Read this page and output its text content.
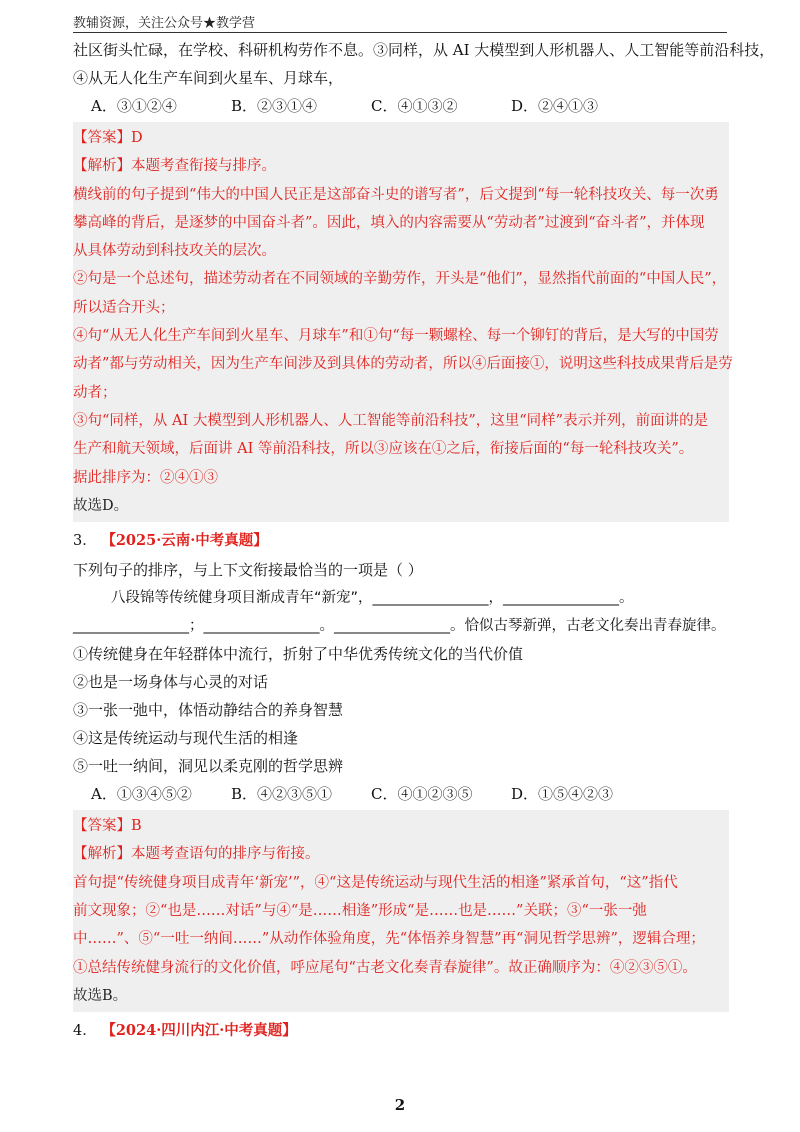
教辅资源，关注公众号★教学营
社区街头忙碌，在学校、科研机构劳作不息。③同样，从 AI 大模型到人形机器人、人工智能等前沿科技，
④从无人化生产车间到火星车、月球车，
A．③①②④	B．②③①④	C．④①③②	D．②④①③
【答案】D
【解析】本题考查衔接与排序。
横线前的句子提到“伟大的中国人民正是这部奋斗史的谱写者”，后文提到“每一轮科技攻关、每一次勇
攀高峰的背后，是逐梦的中国奋斗者”。因此，填入的内容需要从“劳动者”过渡到“奋斗者”，并体现
从具体劳动到科技攻关的层次。
②句是一个总述句，描述劳动者在不同领域的辛勤劳作，开头是“他们”，显然指代前面的“中国人民”，
所以适合开头；
④句“从无人化生产车间到火星车、月球车”和①句“每一颗螺栓、每一个铆钉的背后，是大写的中国劳
动者”都与劳动相关，因为生产车间涉及到具体的劳动者，所以④后面接①，说明这些科技成果背后是劳
动者；
③句“同样，从 AI 大模型到人形机器人、人工智能等前沿科技”，这里“同样”表示并列，前面讲的是
生产和航天领域，后面讲 AI 等前沿科技，所以③应该在①之后，衔接后面的“每一轮科技攻关”。
据此排序为：②④①③
故选D。
3． 【2025·云南·中考真题】
下列句子的排序，与上下文衔接最恰当的一项是（ ）
八段锦等传统健身项目渐成青年“新宠”，________________，________________。
________________；________________。________________。恰似古琴新弹，古老文化奏出青春旋律。
①传统健身在年轻群体中流行，折射了中华优秀传统文化的当代价值
②也是一场身体与心灵的对话
③一张一弛中，体悟动静结合的养身智慧
④这是传统运动与现代生活的相逢
⑤一吐一纳间，洞见以柔克刚的哲学思辨
A．①③④⑤②	B．④②③⑤①	C．④①②③⑤	D．①⑤④②③
【答案】B
【解析】本题考查语句的排序与衔接。
首句提“传统健身项目成青年‘新宠’”，④“这是传统运动与现代生活的相逢”紧承首句，“这”指代
前文现象；②“也是……对话”与④“是……相逢”形成“是……也是……”关联；③“一张一弛
中……”、⑤“一吐一纳间……”从动作体验角度，先“体悟养身智慧”再“洞见哲学思辨”，逻辑合理；
①总结传统健身流行的文化价值，呼应尾句“古老文化奏青春旋律”。故正确顺序为：④②③⑤①。
故选B。
4． 【2024·四川内江·中考真题】
2
